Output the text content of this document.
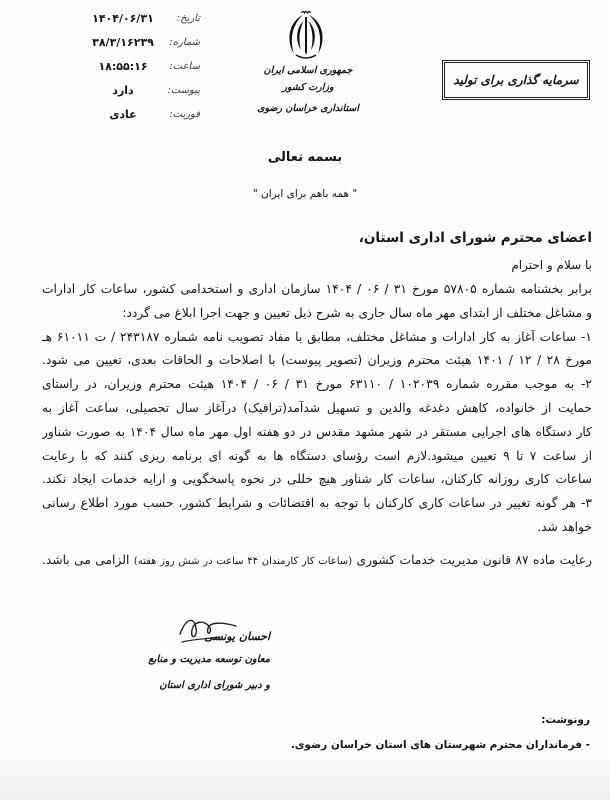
تاریخ:
۱۴۰۴/۰۶/۳۱
شماره:
۳۸/۳/۱۶۲۳۹
ساعت:
۱۸:۵۵:۱۶
پیوست:
دارد
فوریت:
عادی
جمهوری اسلامی ایران
وزارت کشور
استانداری خراسان رضوی
سرمایه گذاری برای تولید
بسمه تعالی
" همه باهم برای ایران "
اعضای محترم شورای اداری استان،
با سلام و احترام
برابر بخشنامه شماره ۵۷۸۰۵ مورخ ۳۱ / ۰۶ / ۱۴۰۴ سازمان اداری و استخدامی کشور، ساعات کار ادارات
و مشاغل مختلف از ابتدای مهر ماه سال جاری به شرح ذیل تعیین و جهت اجرا ابلاغ می گردد:
۱- ساعات آغاز به کار ادارات و مشاغل مختلف، مطابق با مفاد تصویب نامه شماره ۲۴۳۱۸۷ / ت ۶۱۰۱۱ هـ
مورخ ۲۸ / ۱۲ / ۱۴۰۱ هیئت محترم وزیران (تصویر پیوست) با اصلاحات و الحاقات بعدی، تعیین می شود.
۲- به موجب مقرره شماره ۱۰۲۰۳۹ / ۶۳۱۱۰ مورخ ۳۱ / ۰۶ / ۱۴۰۴ هیئت محترم وزیران، در راستای
حمایت از خانواده، کاهش دغدغه والدین و تسهیل شدآمد(ترافیک) درآغاز سال تحصیلی، ساعت آغاز به
کار دستگاه های اجرایی مستقر در شهر مشهد مقدس در دو هفته اول مهر ماه سال ۱۴۰۴ به صورت شناور
از ساعت ۷ تا ۹ تعیین میشود.لازم است رؤسای دستگاه ها به گونه ای برنامه ریزی کنند که با رعایت
ساعات کاری روزانه کارکنان، ساعات کار شناور هیچ خللی در نحوه پاسخگویی و ارایه خدمات ایجاد نکند.
۳- هر گونه تغییر در ساعات کاری کارکنان با توجه به اقتضائات و شرایط کشور، حسب مورد اطلاع رسانی
خواهد شد.
رعایت ماده ۸۷ قانون مدیریت خدمات کشوری (ساعات کار کارمندان ۴۴ ساعت در شش روز هفته) الزامی می باشد.
احسان یونسی
معاون توسعه مدیریت و منابع
و دبیر شورای اداری استان
رونوشت:
- فرمانداران محترم شهرستان های استان خراسان رضوی.
